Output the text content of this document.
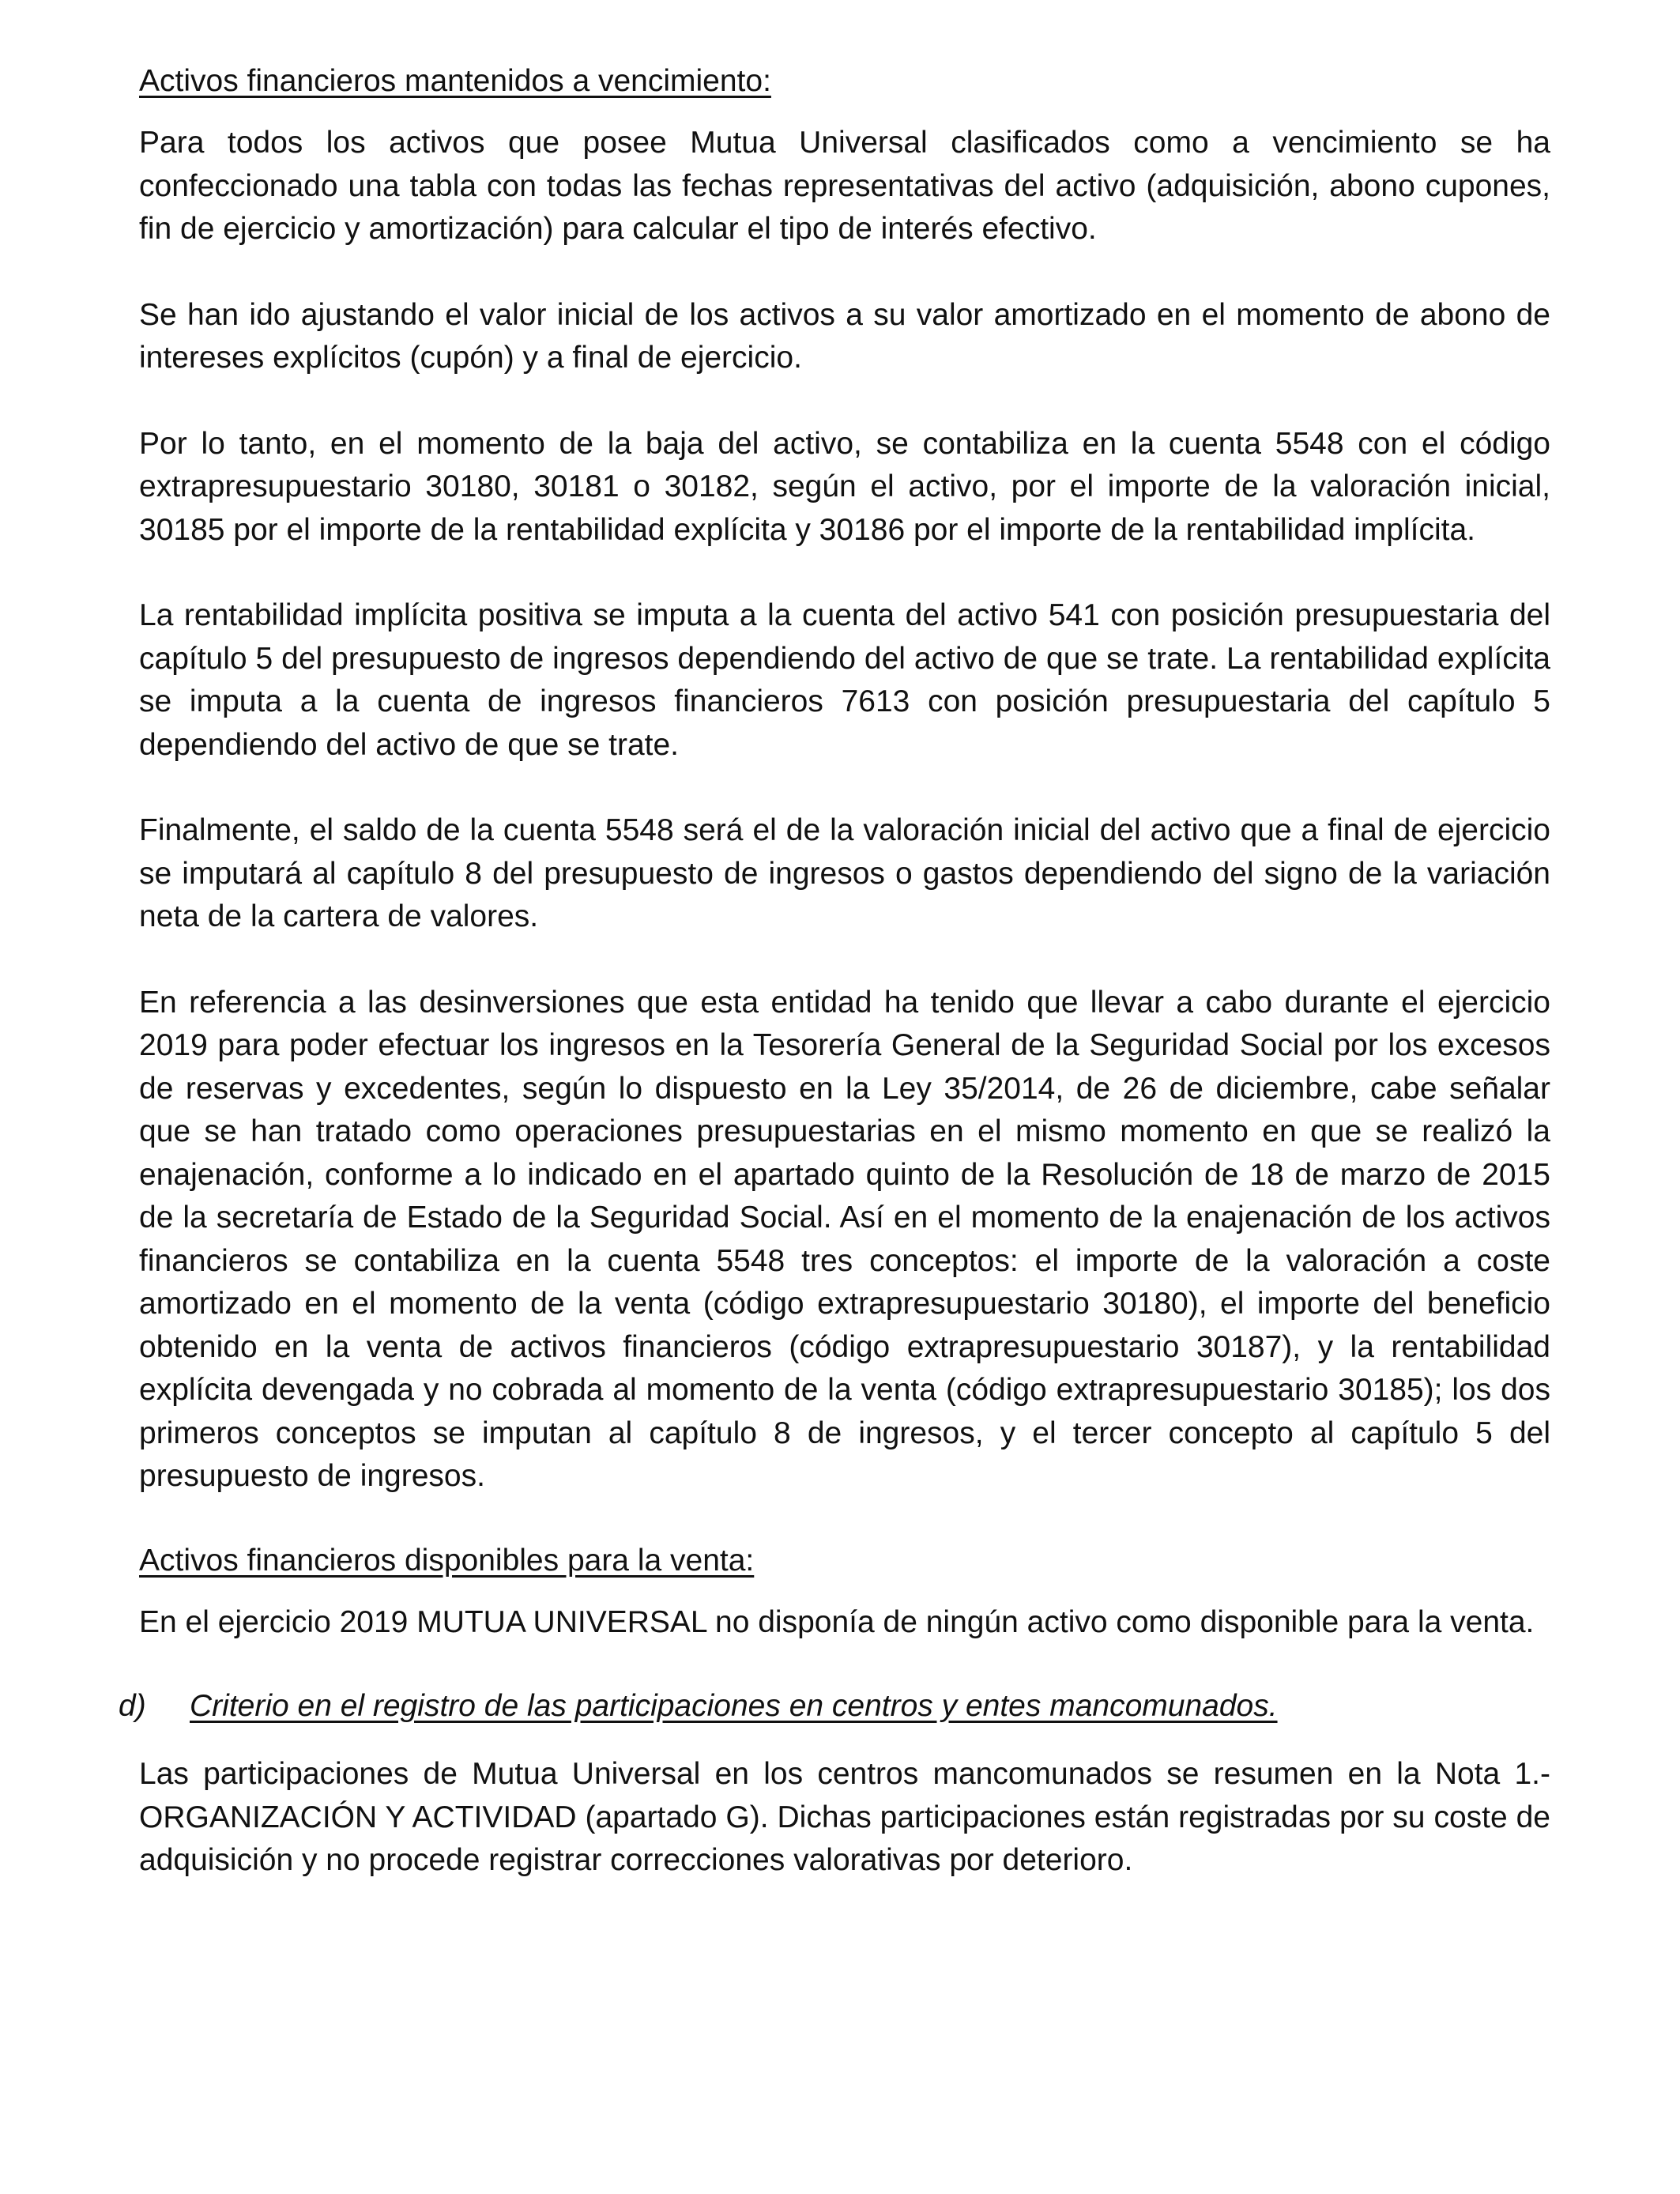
Activos financieros mantenidos a vencimiento:

Para todos los activos que posee Mutua Universal clasificados como a vencimiento se ha confeccionado una tabla con todas las fechas representativas del activo (adquisición, abono cupones, fin de ejercicio y amortización) para calcular el tipo de interés efectivo.

Se han ido ajustando el valor inicial de los activos a su valor amortizado en el momento de abono de intereses explícitos (cupón) y a final de ejercicio.

Por lo tanto, en el momento de la baja del activo, se contabiliza en la cuenta 5548 con el código extrapresupuestario 30180, 30181 o 30182, según el activo, por el importe de la valoración inicial, 30185 por el importe de la rentabilidad explícita y 30186 por el importe de la rentabilidad implícita.

La rentabilidad implícita positiva se imputa a la cuenta del activo 541 con posición presupuestaria del capítulo 5 del presupuesto de ingresos dependiendo del activo de que se trate. La rentabilidad explícita se imputa a la cuenta de ingresos financieros 7613 con posición presupuestaria del capítulo 5 dependiendo del activo de que se trate.

Finalmente, el saldo de la cuenta 5548 será el de la valoración inicial del activo que a final de ejercicio se imputará al capítulo 8 del presupuesto de ingresos o gastos dependiendo del signo de la variación neta de la cartera de valores.

En referencia a las desinversiones que esta entidad ha tenido que llevar a cabo durante el ejercicio 2019 para poder efectuar los ingresos en la Tesorería General de la Seguridad Social por los excesos de reservas y excedentes, según lo dispuesto en la Ley 35/2014, de 26 de diciembre, cabe señalar que se han tratado como operaciones presupuestarias en el mismo momento en que se realizó la enajenación, conforme a lo indicado en el apartado quinto de la Resolución de 18 de marzo de 2015 de la secretaría de Estado de la Seguridad Social. Así en el momento de la enajenación de los activos financieros se contabiliza en la cuenta 5548 tres conceptos: el importe de la valoración a coste amortizado en el momento de la venta (código extrapresupuestario 30180), el importe del beneficio obtenido en la venta de activos financieros (código extrapresupuestario 30187), y la rentabilidad explícita devengada y no cobrada al momento de la venta (código extrapresupuestario 30185); los dos primeros conceptos se imputan al capítulo 8 de ingresos, y el tercer concepto al capítulo 5 del presupuesto de ingresos.

Activos financieros disponibles para la venta:

En el ejercicio 2019 MUTUA UNIVERSAL no disponía de ningún activo como disponible para la venta.

d)	Criterio en el registro de las participaciones en centros y entes mancomunados.

Las participaciones de Mutua Universal en los centros mancomunados se resumen en la Nota 1.- ORGANIZACIÓN Y ACTIVIDAD (apartado G). Dichas participaciones están registradas por su coste de adquisición y no procede registrar correcciones valorativas por deterioro.
